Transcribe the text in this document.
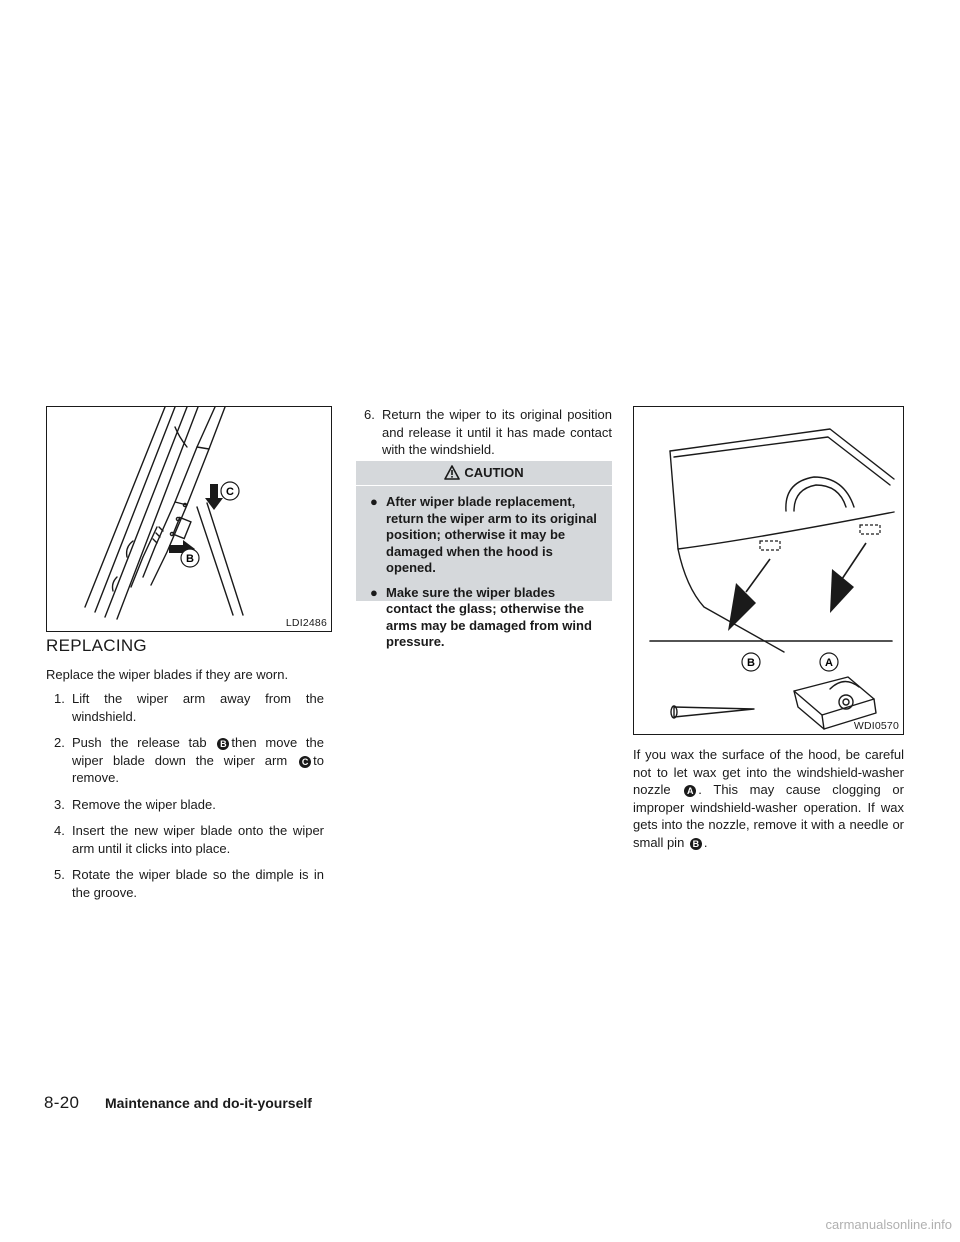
C
B
LDI2486
REPLACING

Replace the wiper blades if they are worn.

1. Lift the wiper arm away from the windshield.
2. Push the release tab B then move the wiper blade down the wiper arm C to remove.
3. Remove the wiper blade.
4. Insert the new wiper blade onto the wiper arm until it clicks into place.
5. Rotate the wiper blade so the dimple is in the groove.
6. Return the wiper to its original position and release it until it has made contact with the windshield.
CAUTION
● After wiper blade replacement, return the wiper arm to its original position; otherwise it may be damaged when the hood is opened.
● Make sure the wiper blades contact the glass; otherwise the arms may be damaged from wind pressure.
B	A
WDI0570

If you wax the surface of the hood, be careful not to let wax get into the windshield-washer nozzle A . This may cause clogging or improper windshield-washer operation. If wax gets into the nozzle, remove it with a needle or small pin B .

8-20 Maintenance and do-it-yourself
carmanualsonline.info
